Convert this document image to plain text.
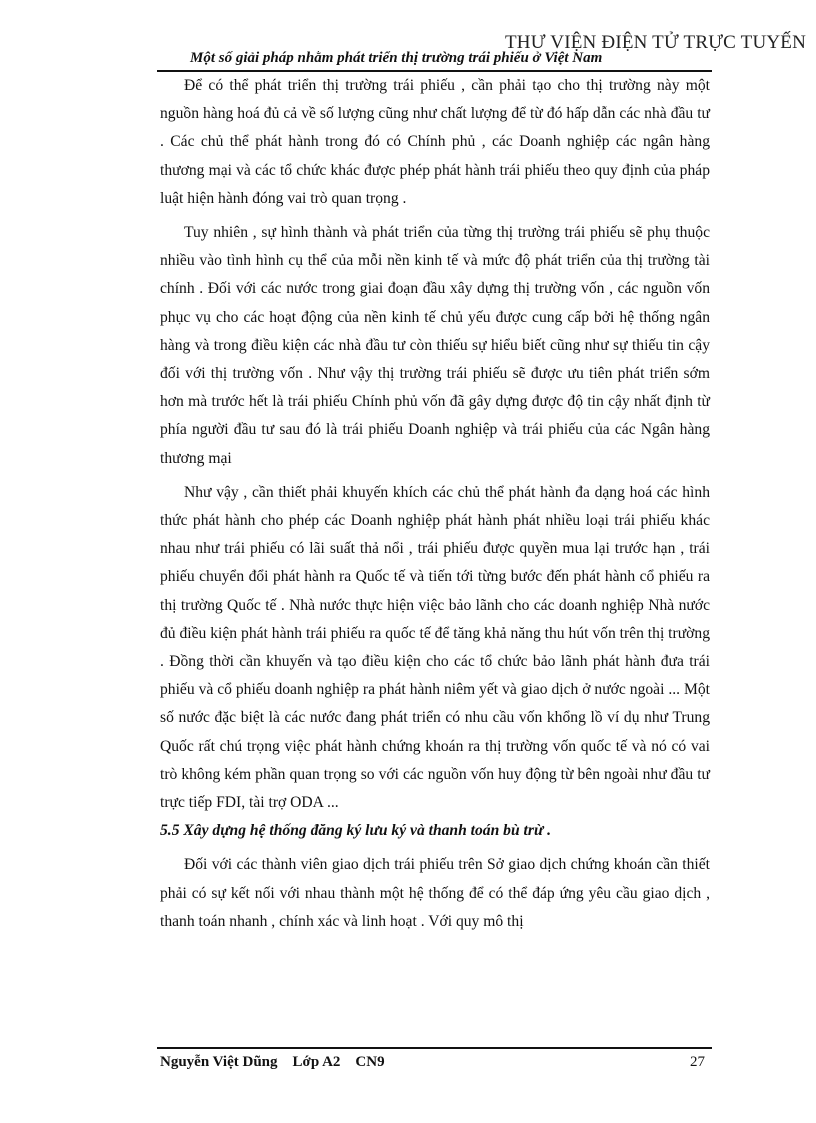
THƯ VIỆN ĐIỆN TỬ TRỰC TUYẾN
Một số giải pháp nhằm phát triển thị trường trái phiếu ở Việt Nam

Để có thể phát triển thị trường trái phiếu , cần phải tạo cho thị trường này một nguồn hàng hoá đủ cả về số lượng cũng như chất lượng để từ đó hấp dẫn các nhà đầu tư . Các chủ thể phát hành trong đó có Chính phủ , các Doanh nghiệp các ngân hàng thương mại và các tổ chức khác được phép phát hành trái phiếu theo quy định của pháp luật hiện hành đóng vai trò quan trọng .

Tuy nhiên , sự hình thành và phát triển của từng thị trường trái phiếu sẽ phụ thuộc nhiều vào tình hình cụ thể của mỗi nền kinh tế và mức độ phát triển của thị trường tài chính . Đối với các nước trong giai đoạn đầu xây dựng thị trường vốn , các nguồn vốn phục vụ cho các hoạt động của nền kinh tế chủ yếu được cung cấp bởi hệ thống ngân hàng và trong điều kiện các nhà đầu tư còn thiếu sự hiểu biết cũng như sự thiếu tin cậy đối với thị trường vốn . Như vậy thị trường trái phiếu sẽ được ưu tiên phát triển sớm hơn mà trước hết là trái phiếu Chính phủ vốn đã gây dựng được độ tin cậy nhất định từ phía người đầu tư sau đó là trái phiếu Doanh nghiệp và trái phiếu của các Ngân hàng thương mại

Như vậy , cần thiết phải khuyến khích các chủ thể phát hành đa dạng hoá các hình thức phát hành cho phép các Doanh nghiệp phát hành phát nhiều loại trái phiếu khác nhau như trái phiếu có lãi suất thả nổi , trái phiếu được quyền mua lại trước hạn , trái phiếu chuyển đổi phát hành ra Quốc tế và tiến tới từng bước đến phát hành cổ phiếu ra thị trường Quốc tế . Nhà nước thực hiện việc bảo lãnh cho các doanh nghiệp Nhà nước đủ điều kiện phát hành trái phiếu ra quốc tế để tăng khả năng thu hút vốn trên thị trường . Đồng thời cần khuyến và tạo điều kiện cho các tổ chức bảo lãnh phát hành đưa trái phiếu và cổ phiếu doanh nghiệp ra phát hành niêm yết và giao dịch ở nước ngoài ... Một số nước đặc biệt là các nước đang phát triển có nhu cầu vốn khổng lồ ví dụ như Trung Quốc rất chú trọng việc phát hành chứng khoán ra thị trường vốn quốc tế và nó có vai trò không kém phần quan trọng so với các nguồn vốn huy động từ bên ngoài như đầu tư trực tiếp FDI, tài trợ ODA ...

5.5 Xây dựng hệ thống đăng ký lưu ký và thanh toán bù trừ .

Đối với các thành viên giao dịch trái phiếu trên Sở giao dịch chứng khoán cần thiết phải có sự kết nối với nhau thành một hệ thống để có thể đáp ứng yêu cầu giao dịch , thanh toán nhanh , chính xác và linh hoạt . Với quy mô thị

Nguyễn Việt Dũng    Lớp A2    CN9	27
